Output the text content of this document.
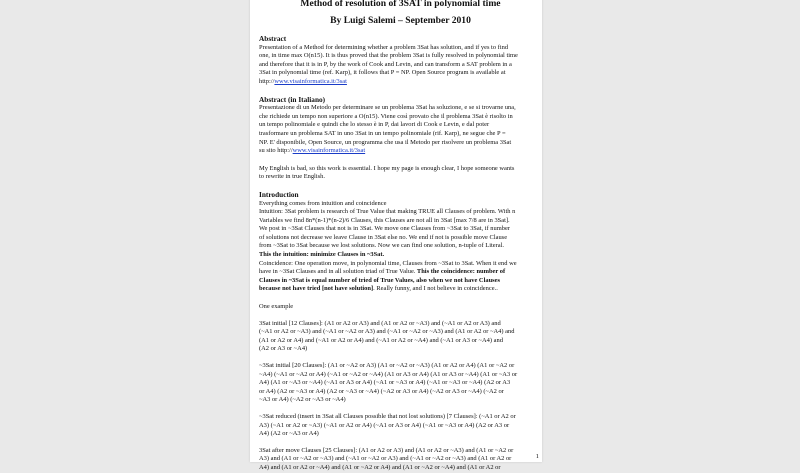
Method of resolution of 3SAT in polynomial time
By Luigi Salemi – September 2010
Abstract
Presentation of a Method for determining whether a problem 3Sat has solution, and if yes to find
one, in time max O(n15). It is thus proved that the problem 3Sat is fully resolved in polynomial time
and therefore that it is in P, by the work of Cook and Levin, and can transform a SAT problem in a
3Sat in polynomial time (ref. Karp), it follows that P = NP. Open Source program is available at
http://www.visainformatica.it/3sat
Abstract (in Italiano)
Presentazione di un Metodo per determinare se un problema 3Sat ha soluzione, e se si trovarne una,
che richiede un tempo non superiore a O(n15). Viene così provato che il problema 3Sat è risolto in
un tempo polinomiale e quindi che lo stesso è in P, dai lavori di Cook e Levin, e dal poter
trasformare un problema SAT in uno 3Sat in un tempo polinomiale (rif. Karp), ne segue che P =
NP. E' disponibile, Open Source, un programma che usa il Metodo per risolvere un problema 3Sat
su sito http://www.visainformatica.it/3sat
My English is bad, so this work is essential. I hope my page is enough clear, I hope someone wants
to rewrite in true English.
Introduction
Everything comes from intuition and coincidence
Intuition: 3Sat problem is research of True Value that making TRUE all Clauses of problem. With n
Variables we find 8n*(n-1)*(n-2)/6 Clauses, this Clauses are not all in 3Sat [max 7/8 are in 3Sat].
We post in ~3Sat Clauses that not is in 3Sat. We move one Clauses from ~3Sat to 3Sat, if number
of solutions not decrease we leave Clause in 3Sat else no. We end if not is possible move Clause
from ~3Sat to 3Sat because we lost solutions. Now we can find one solution, n-tuple of Literal.
This the intuition: minimize Clauses in ~3Sat.
Coincidence: One operation move, in polynomial time, Clauses from ~3Sat to 3Sat. When it end we
have in ~3Sat Clauses and in all solution triad of True Value. This the coincidence: number of
Clauses in ~3Sat is equal number of tried of True Values, also when we not have Clauses
because not have tried [not have solution]. Really funny, and I not believe in coincidence..
One example
3Sat initial [12 Clauses]: (A1 or A2 or A3) and (A1 or A2 or ~A3) and (~A1 or A2 or A3) and
(~A1 or A2 or ~A3) and (~A1 or ~A2 or A3) and (~A1 or ~A2 or ~A3) and (A1 or A2 or ~A4) and
(A1 or A2 or A4) and (~A1 or A2 or A4) and (~A1 or A2 or ~A4) and (~A1 or A3 or ~A4) and
(A2 or A3 or ~A4)
~3Sat initial [20 Clauses]: (A1 or ~A2 or A3) (A1 or ~A2 or ~A3) (A1 or A2 or A4) (A1 or ~A2 or
~A4) (~A1 or ~A2 or A4) (~A1 or ~A2 or ~A4) (A1 or A3 or A4) (A1 or A3 or ~A4) (A1 or ~A3 or
A4) (A1 or ~A3 or ~A4) (~A1 or A3 or A4) (~A1 or ~A3 or A4) (~A1 or ~A3 or ~A4) (A2 or A3
or A4) (A2 or ~A3 or A4) (A2 or ~A3 or ~A4) (~A2 or A3 or A4) (~A2 or A3 or ~A4) (~A2 or
~A3 or A4) (~A2 or ~A3 or ~A4)
~3Sat reduced (insert in 3Sat all Clauses possible that not lost solutions) [7 Clauses]: (~A1 or A2 or
A3) (~A1 or A2 or ~A3) (~A1 or A2 or A4) (~A1 or A3 or A4) (~A1 or ~A3 or A4) (A2 or A3 or
A4) (A2 or ~A3 or A4)
3Sat after move Clauses [25 Clauses]: (A1 or A2 or A3) and (A1 or A2 or ~A3) and (A1 or ~A2 or
A3) and (A1 or ~A2 or ~A3) and (~A1 or ~A2 or A3) and (~A1 or ~A2 or ~A3) and (A1 or A2 or
A4) and (A1 or A2 or ~A4) and (A1 or ~A2 or A4) and (A1 or ~A2 or ~A4) and (A1 or A2 or
1
